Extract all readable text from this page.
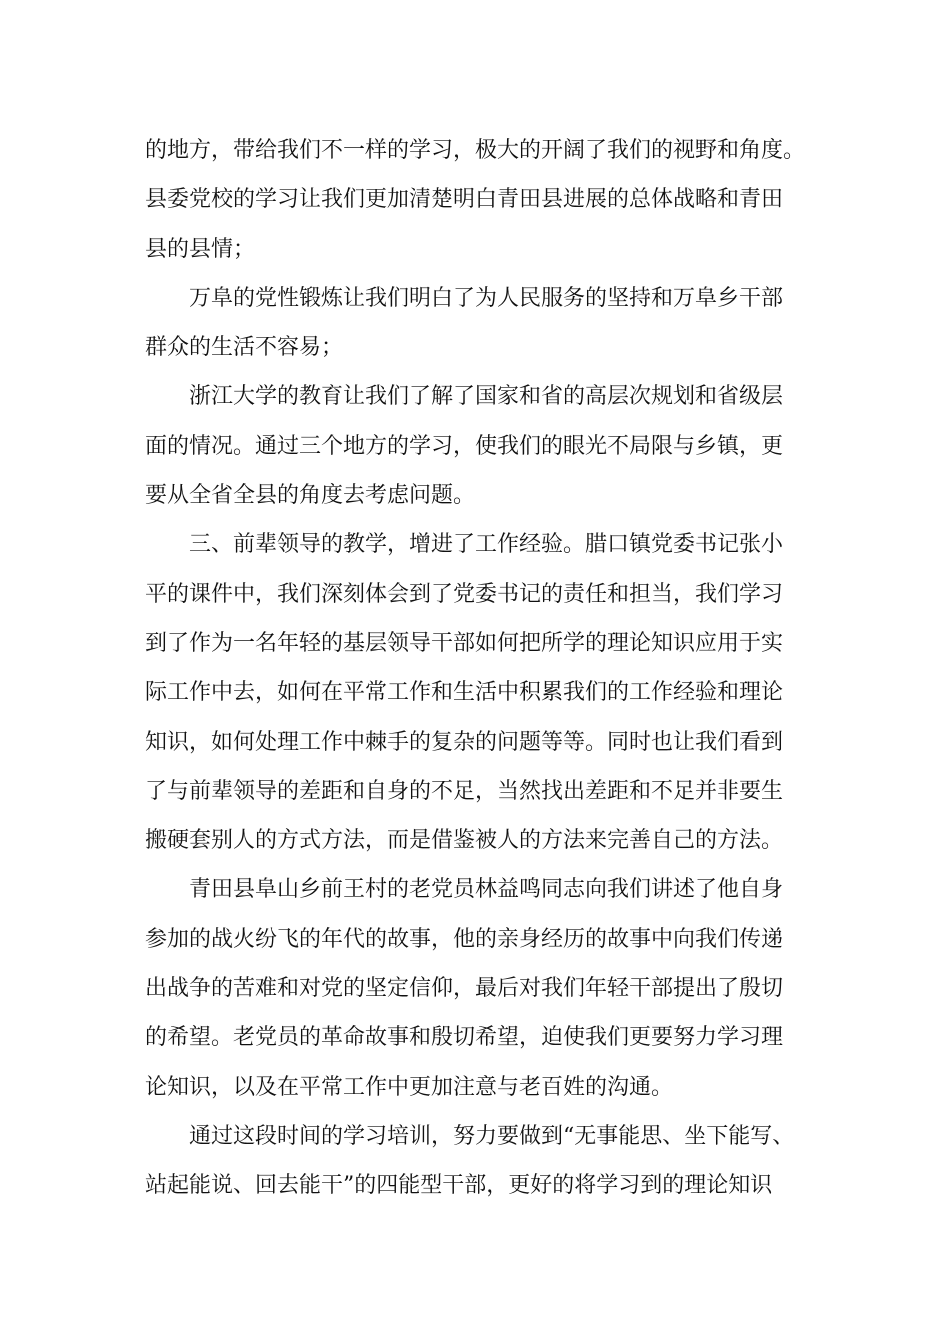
的地方，带给我们不一样的学习，极大的开阔了我们的视野和角度。
县委党校的学习让我们更加清楚明白青田县进展的总体战略和青田
县的县情；
万阜的党性锻炼让我们明白了为人民服务的坚持和万阜乡干部
群众的生活不容易；
浙江大学的教育让我们了解了国家和省的高层次规划和省级层
面的情况。通过三个地方的学习，使我们的眼光不局限与乡镇，更
要从全省全县的角度去考虑问题。
三、前辈领导的教学，增进了工作经验。腊口镇党委书记张小
平的课件中，我们深刻体会到了党委书记的责任和担当，我们学习
到了作为一名年轻的基层领导干部如何把所学的理论知识应用于实
际工作中去，如何在平常工作和生活中积累我们的工作经验和理论
知识，如何处理工作中棘手的复杂的问题等等。同时也让我们看到
了与前辈领导的差距和自身的不足，当然找出差距和不足并非要生
搬硬套别人的方式方法，而是借鉴被人的方法来完善自己的方法。
青田县阜山乡前王村的老党员林益鸣同志向我们讲述了他自身
参加的战火纷飞的年代的故事，他的亲身经历的故事中向我们传递
出战争的苦难和对党的坚定信仰，最后对我们年轻干部提出了殷切
的希望。老党员的革命故事和殷切希望，迫使我们更要努力学习理
论知识，以及在平常工作中更加注意与老百姓的沟通。
通过这段时间的学习培训，努力要做到“无事能思、坐下能写、
站起能说、回去能干”的四能型干部，更好的将学习到的理论知识
